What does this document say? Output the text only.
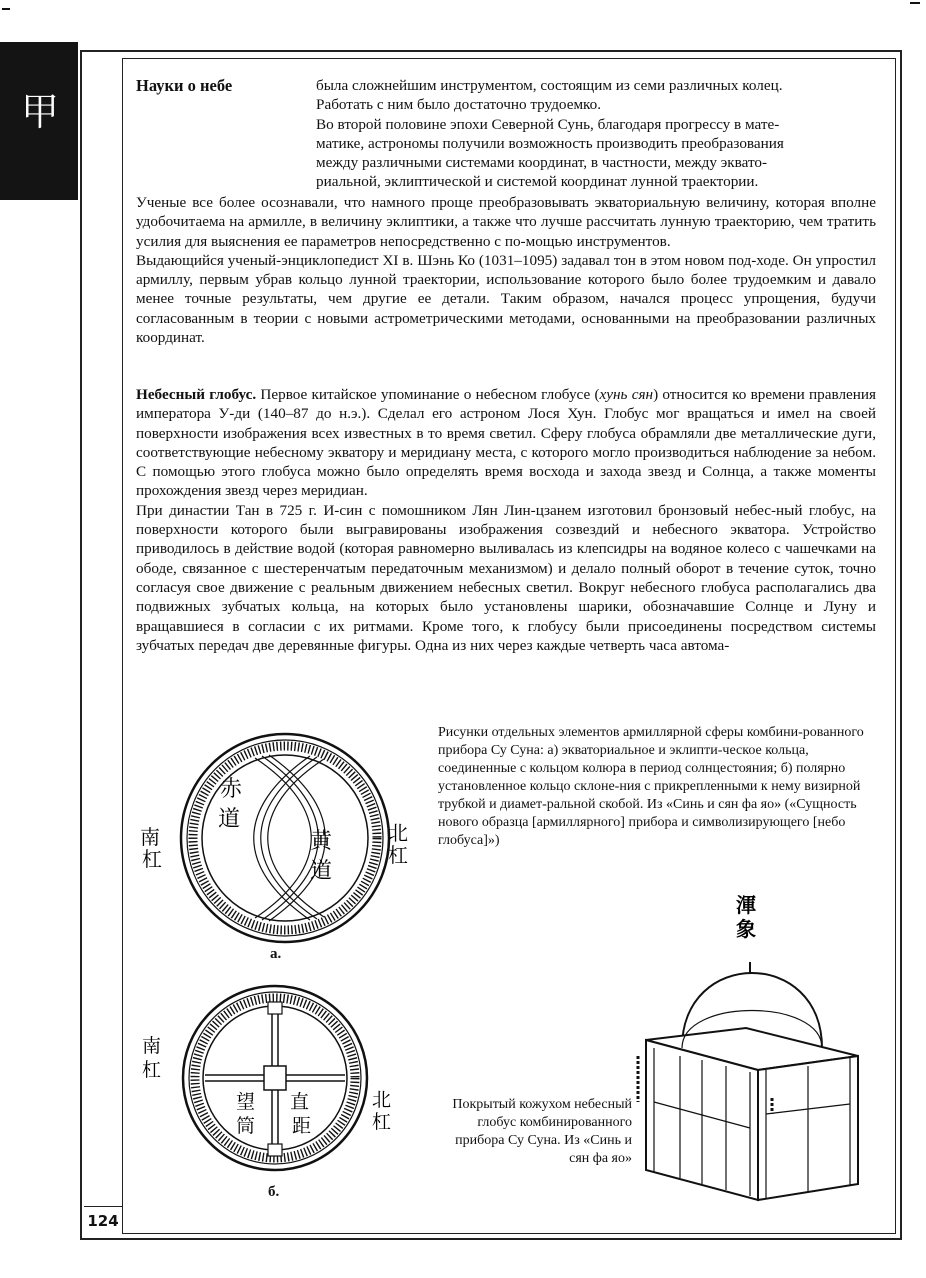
甲
124
Науки о небе	была сложнейшим инструментом, состоящим из семи различных колец.

Работать с ним было достаточно трудоемко.

Во второй половине эпохи Северной Сунь, благодаря прогрессу в мате-

матике, астрономы получили возможность производить преобразования

между различными системами координат, в частности, между эквато-

риальной, эклиптической и системой координат лунной траектории.

Ученые все более осознавали, что намного проще преобразовывать экваториальную величину, которая вполне удобочитаема на армилле, в величину эклиптики, а также что лучше рассчитать лунную траекторию, чем тратить усилия для выяснения ее параметров непосредственно с по-мощью инструментов.

Выдающийся ученый-энциклопедист XI в. Шэнь Ко (1031–1095) задавал тон в этом новом под-ходе. Он упростил армиллу, первым убрав кольцо лунной траектории, использование которого было более трудоемким и давало менее точные результаты, чем другие ее детали. Таким образом, начался процесс упрощения, будучи согласованным в теории с новыми астрометрическими методами, основанными на преобразовании различных координат.

Небесный глобус. Первое китайское упоминание о небесном глобусе (хунь сян) относится ко времени правления императора У-ди (140–87 до н.э.). Сделал его астроном Лося Хун. Глобус мог вращаться и имел на своей поверхности изображения всех известных в то время светил. Сферу глобуса обрамляли две металлические дуги, соответствующие небесному экватору и меридиану места, с которого могло производиться наблюдение за небом. С помощью этого глобуса можно было определять время восхода и захода звезд и Солнца, а также моменты прохождения звезд через меридиан.

При династии Тан в 725 г. И-син с помошником Лян Лин-цзанем изготовил бронзовый небес-ный глобус, на поверхности которого были выгравированы изображения созвездий и небесного экватора. Устройство приводилось в действие водой (которая равномерно выливалась из клепсидры на водяное колесо с чашечками на ободе, связанное с шестеренчатым передаточным механизмом) и делало полный оборот в течение суток, точно согласуя свое движение с реальным движением небесных светил. Вокруг небесного глобуса располагались два подвижных зубчатых кольца, на которых было установлены шарики, обозначавшие Солнце и Луну и вращавшиеся в согласии с их ритмами. Кроме того, к глобусу были присоединены посредством системы зубчатых передач две деревянные фигуры. Одна из них через каждые четверть часа автома-

赤
道
黄
道
南
杠
北
杠
а.
望
筒
直
距
南
杠
北
杠
б.
渾
象

Рисунки отдельных элементов армиллярной сферы комбини-рованного прибора Су Суна: а) экваториальное и эклипти-ческое кольца, соединенные с кольцом колюра в период солнцестояния; б) полярно установленное кольцо склоне-ния с прикрепленными к нему визирной трубкой и диамет-ральной скобой. Из «Синь и сян фа яо» («Сущность нового образца [армиллярного] прибора и символизирующего [небо глобуса]»)

Покрытый кожухом небесный глобус комбинированного прибора Су Суна. Из «Синь и сян фа яо»
